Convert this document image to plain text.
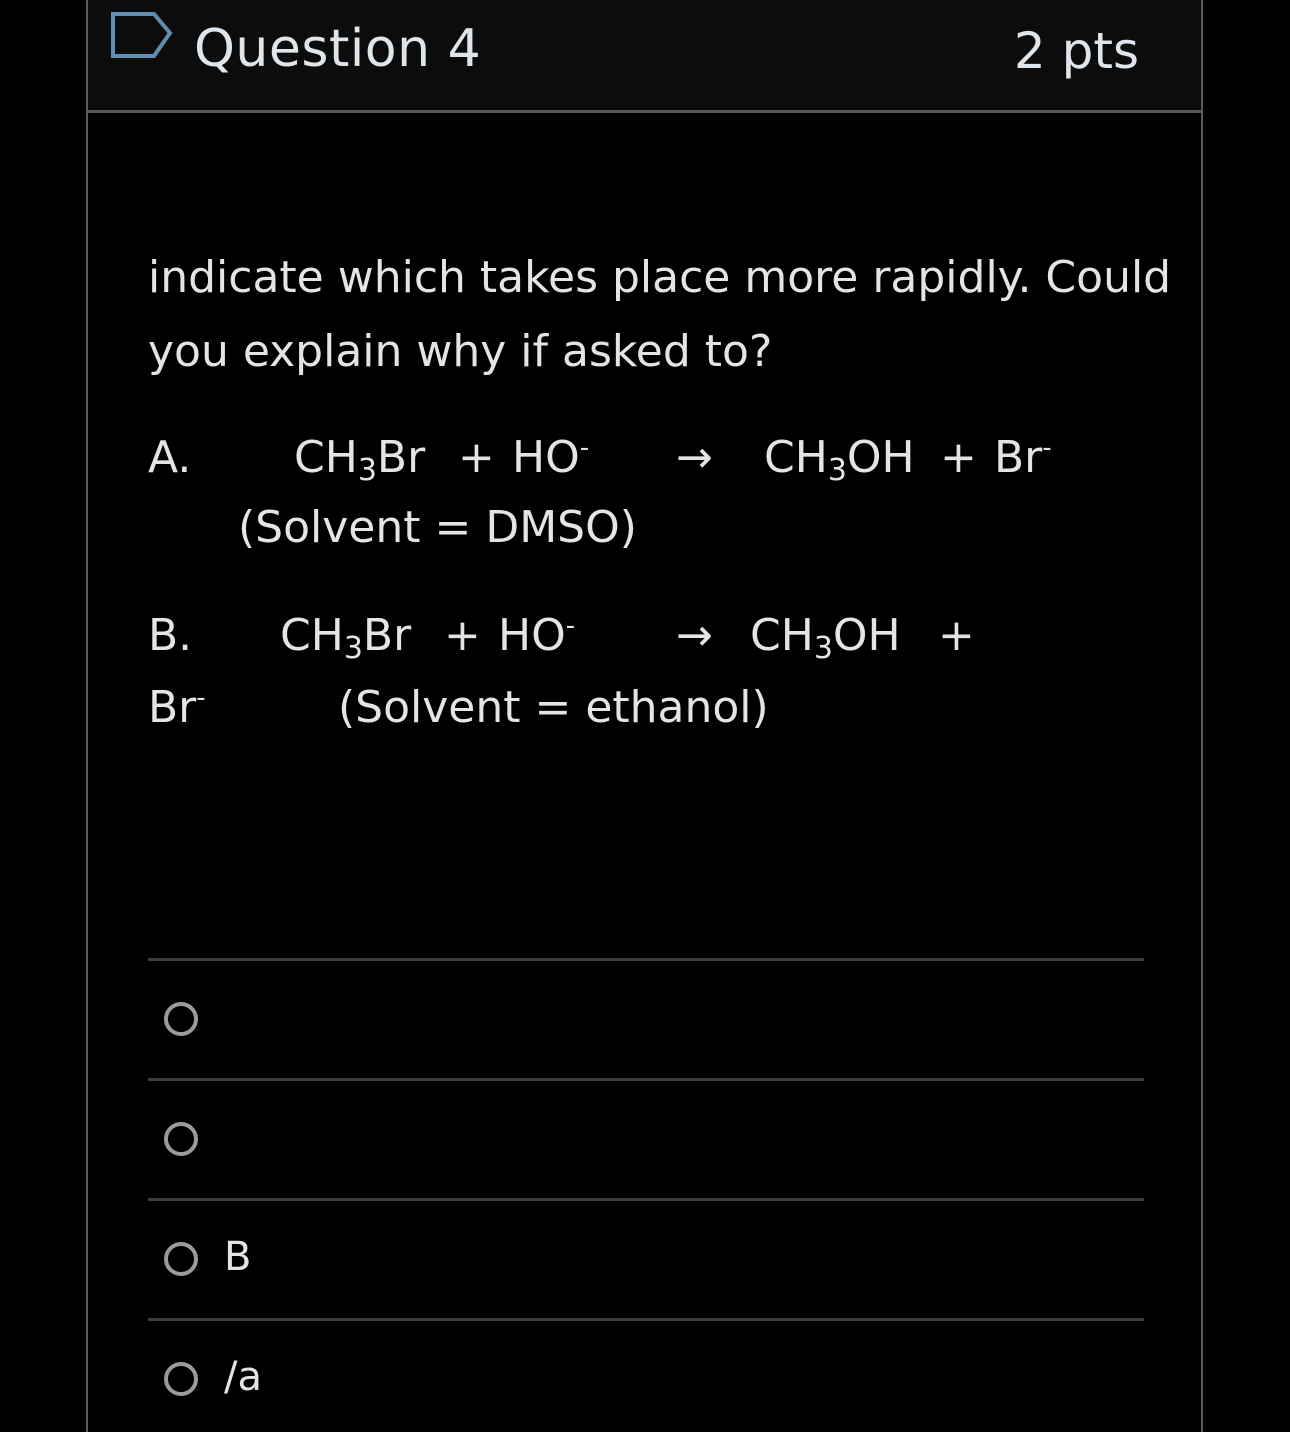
Question 4	2 pts
indicate which takes place more rapidly. Could
you explain why if asked to?
A. $CH_3Br + HO^- \to CH_3OH + Br^-$
(Solvent = DMSO)
B. $CH_3Br + HO^- \to CH_3OH$ +
Br-	(Solvent = ethanol)
B
/a
